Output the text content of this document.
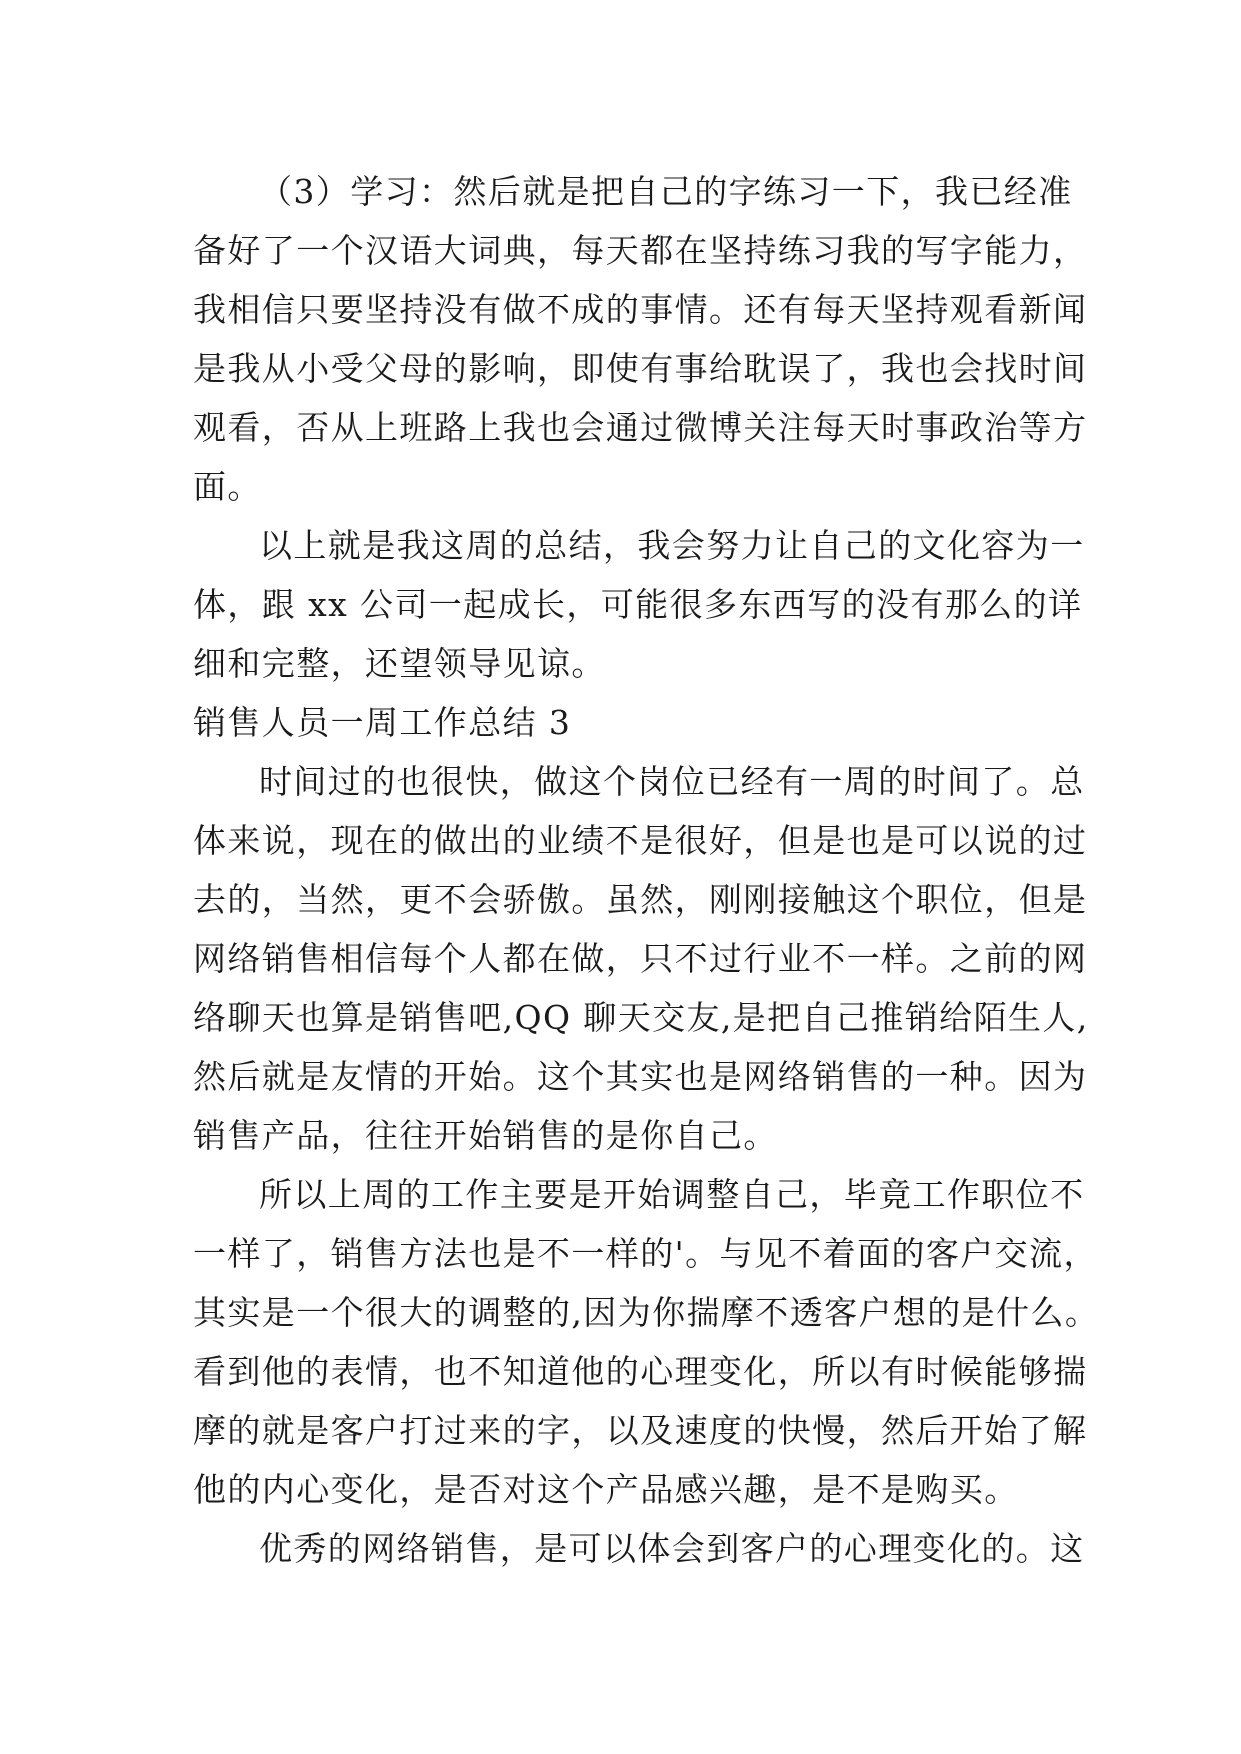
（3）学习：然后就是把自己的字练习一下，我已经准
备好了一个汉语大词典，每天都在坚持练习我的写字能力，
我相信只要坚持没有做不成的事情。还有每天坚持观看新闻
是我从小受父母的影响，即使有事给耽误了，我也会找时间
观看，否从上班路上我也会通过微博关注每天时事政治等方
面。
以上就是我这周的总结，我会努力让自己的文化容为一
体，跟 xx 公司一起成长，可能很多东西写的没有那么的详
细和完整，还望领导见谅。
销售人员一周工作总结 3
时间过的也很快，做这个岗位已经有一周的时间了。总
体来说，现在的做出的业绩不是很好，但是也是可以说的过
去的，当然，更不会骄傲。虽然，刚刚接触这个职位，但是
网络销售相信每个人都在做，只不过行业不一样。之前的网
络聊天也算是销售吧,QQ 聊天交友,是把自己推销给陌生人,
然后就是友情的开始。这个其实也是网络销售的一种。因为
销售产品，往往开始销售的是你自己。
所以上周的工作主要是开始调整自己，毕竟工作职位不
一样了，销售方法也是不一样的'。与见不着面的客户交流，
其实是一个很大的调整的,因为你揣摩不透客户想的是什么。
看到他的表情，也不知道他的心理变化，所以有时候能够揣
摩的就是客户打过来的字，以及速度的快慢，然后开始了解
他的内心变化，是否对这个产品感兴趣，是不是购买。
优秀的网络销售，是可以体会到客户的心理变化的。这
